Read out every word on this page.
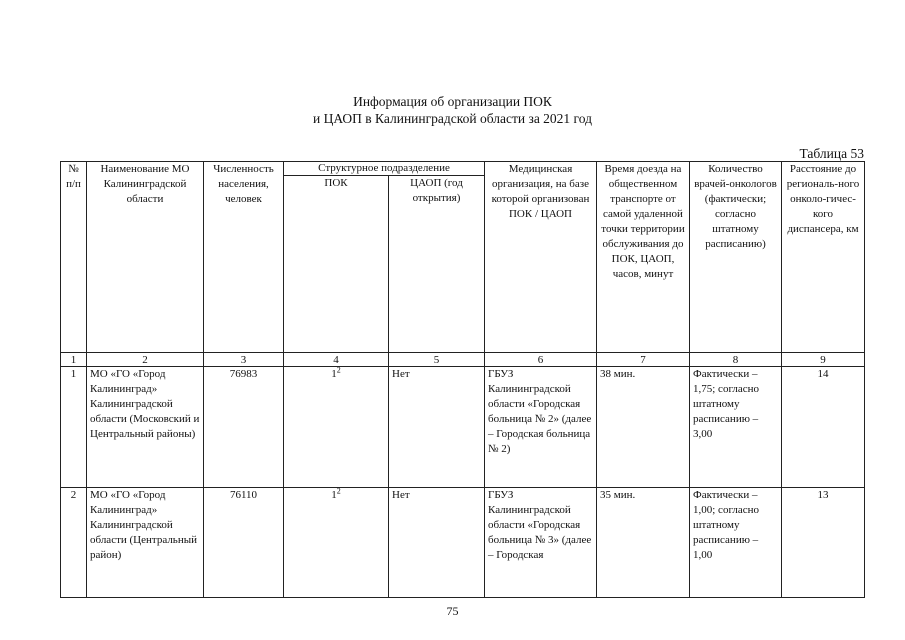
Информация об организации ПОК
и ЦАОП в Калининградской области за 2021 год
Таблица 53
№ п/п	Наименование МО Калининградской области	Численность населения, человек	Структурное подразделение		Медицинская организация, на базе которой организован ПОК / ЦАОП	Время доезда на общественном транспорте от самой удаленной точки территории обслуживания до ПОК, ЦАОП, часов, минут	Количество врачей-онкологов (фактически; согласно штатному расписанию)	Расстояние до региональ-ного онколо-гичес-кого диспансера, км
			ПОК	ЦАОП (год открытия)				
1	2	3	4	5	6	7	8	9
1	МО «ГО «Город Калининград» Калининградской области (Московский и Центральный районы)	76983	$1^2$	Нет	ГБУЗ Калининградской области «Городская больница № 2» (далее – Городская больница № 2)	38 мин.	Фактически – 1,75; согласно штатному расписанию – 3,00	14
2	МО «ГО «Город Калининград» Калининградской области (Центральный район)	76110	$1^2$	Нет	ГБУЗ Калининградской области «Городская больница № 3» (далее – Городская	35 мин.	Фактически – 1,00; согласно штатному расписанию – 1,00	13
75
